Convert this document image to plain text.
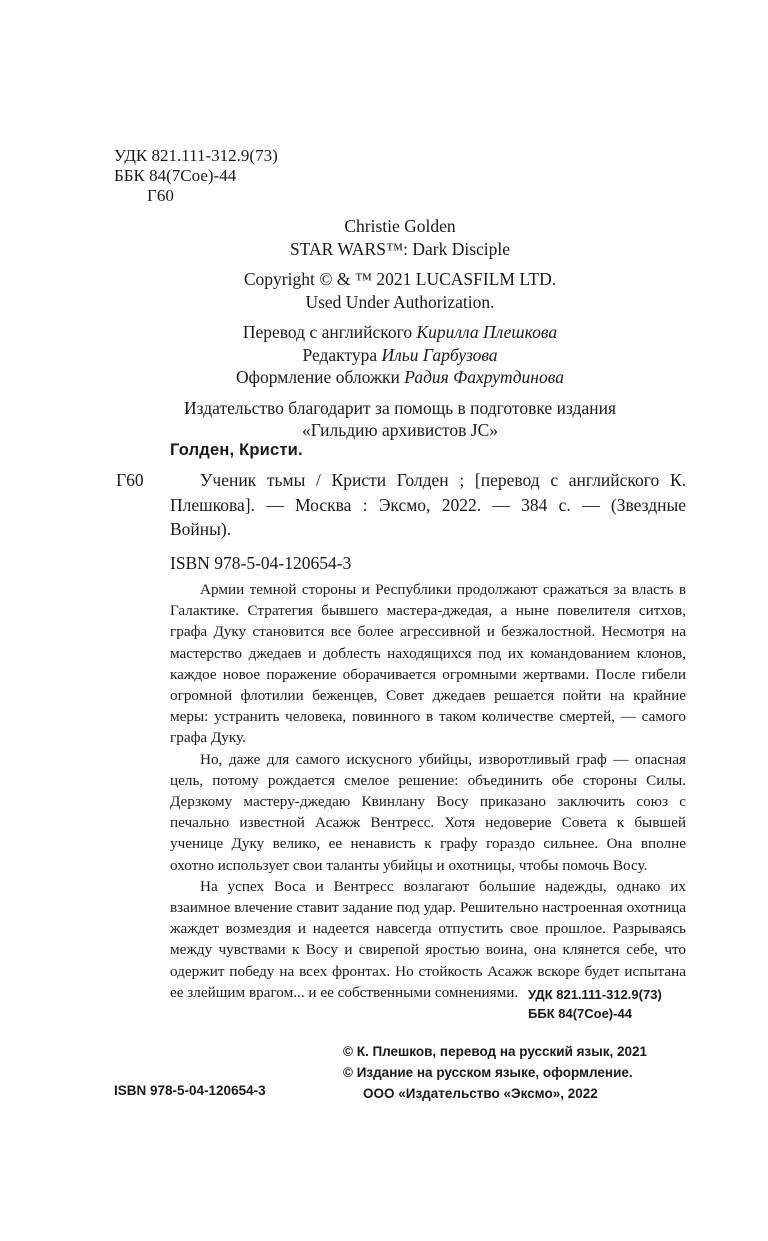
УДК 821.111-312.9(73)
ББК 84(7Сое)-44
Г60
Christie Golden
STAR WARS™: Dark Disciple
Copyright © & ™ 2021 LUCASFILM LTD.
Used Under Authorization.
Перевод с английского Кирилла Плешкова
Редактура Ильи Гарбузова
Оформление обложки Радия Фахрутдинова
Издательство благодарит за помощь в подготовке издания
«Гильдию архивистов JC»
Голден, Кристи.
Г60	Ученик тьмы / Кристи Голден ; [перевод с английского К. Плешкова]. — Москва : Эксмо, 2022. — 384 с. — (Звездные Войны).
ISBN 978-5-04-120654-3

Армии темной стороны и Республики продолжают сражаться за власть в Галактике. Стратегия бывшего мастера-джедая, а ныне повелителя ситхов, графа Дуку становится все более агрессивной и безжалостной. Несмотря на мастерство джедаев и доблесть находящихся под их командованием клонов, каждое новое поражение оборачивается огромными жертвами. После гибели огромной флотилии беженцев, Совет джедаев решается пойти на крайние меры: устранить человека, повинного в таком количестве смертей, — самого графа Дуку.

Но, даже для самого искусного убийцы, изворотливый граф — опасная цель, потому рождается смелое решение: объединить обе стороны Силы. Дерзкому мастеру-джедаю Квинлану Восу приказано заключить союз с печально известной Асажж Вентресс. Хотя недоверие Совета к бывшей ученице Дуку велико, ее ненависть к графу гораздо сильнее. Она вполне охотно использует свои таланты убийцы и охотницы, чтобы помочь Восу.

На успех Воса и Вентресс возлагают большие надежды, однако их взаимное влечение ставит задание под удар. Решительно настроенная охотница жаждет возмездия и надеется навсегда отпустить свое прошлое. Разрываясь между чувствами к Восу и свирепой яростью воина, она клянется себе, что одержит победу на всех фронтах. Но стойкость Асажж вскоре будет испытана ее злейшим врагом... и ее собственными сомнениями. УДК 821.111-312.9(73)
ББК 84(7Сое)-44
© К. Плешков, перевод на русский язык, 2021
© Издание на русском языке, оформление.
ООО «Издательство «Эксмо», 2022
ISBN 978-5-04-120654-3
